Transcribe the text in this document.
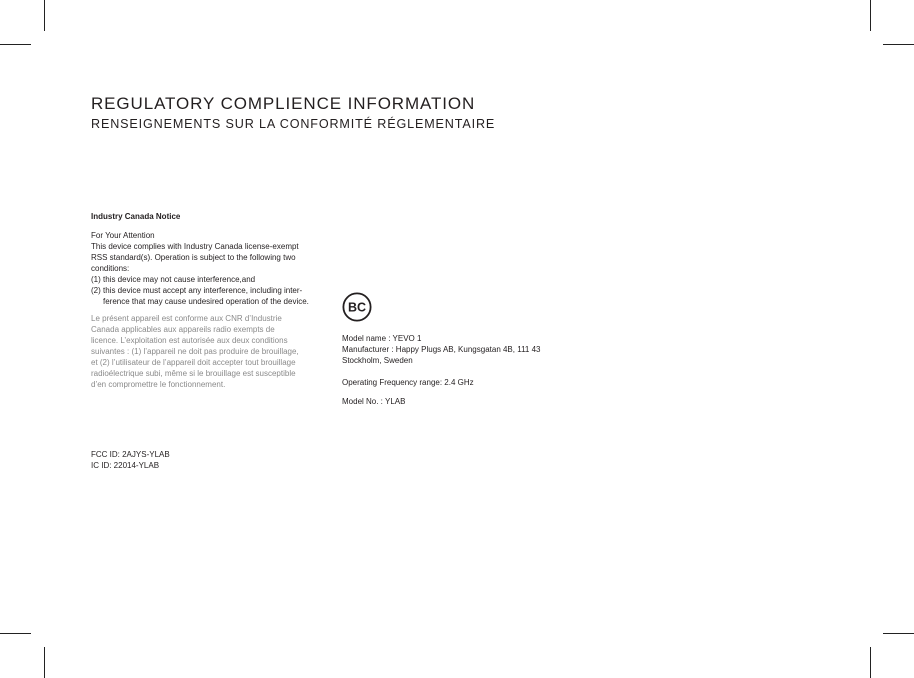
REGULATORY COMPLIENCE INFORMATION
RENSEIGNEMENTS SUR LA CONFORMITÉ RÉGLEMENTAIRE
Industry Canada Notice
For Your Attention
This device complies with Industry Canada license-exempt
RSS standard(s). Operation is subject to the following two
conditions:
(1) this device may not cause interference,and
(2) this device must accept any interference, including inter-
ference that may cause undesired operation of the device.
Le présent appareil est conforme aux CNR d’Industrie
Canada applicables aux appareils radio exempts de
licence. L’exploitation est autorisée aux deux conditions
suivantes : (1) l’appareil ne doit pas produire de brouillage,
et (2) l’utilisateur de l’appareil doit accepter tout brouillage
radioélectrique subi, même si le brouillage est susceptible
d’en compromettre le fonctionnement.
FCC ID: 2AJYS-YLAB
IC ID: 22014-YLAB
BC
Model name : YEVO 1
Manufacturer : Happy Plugs AB, Kungsgatan 4B, 111 43
Stockholm, Sweden
Operating Frequency range: 2.4 GHz
Model No. : YLAB
